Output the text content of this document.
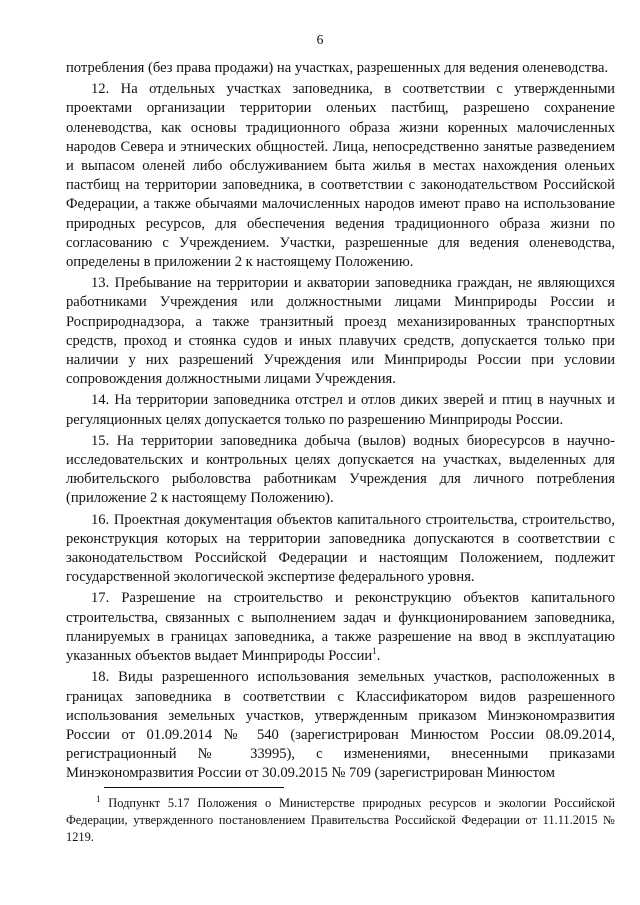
6

потребления (без права продажи) на участках, разрешенных для ведения оленеводства.

12. На отдельных участках заповедника, в соответствии с утвержденными проектами организации территории оленьих пастбищ, разрешено сохранение оленеводства, как основы традиционного образа жизни коренных малочисленных народов Севера и этнических общностей. Лица, непосредственно занятые разведением и выпасом оленей либо обслуживанием быта жилья в местах нахождения оленьих пастбищ на территории заповедника, в соответствии с законодательством Российской Федерации, а также обычаями малочисленных народов имеют право на использование природных ресурсов, для обеспечения ведения традиционного образа жизни по согласованию с Учреждением. Участки, разрешенные для ведения оленеводства, определены в приложении 2 к настоящему Положению.

13. Пребывание на территории и акватории заповедника граждан, не являющихся работниками Учреждения или должностными лицами Минприроды России и Росприроднадзора, а также транзитный проезд механизированных транспортных средств, проход и стоянка судов и иных плавучих средств, допускается только при наличии у них разрешений Учреждения или Минприроды России при условии сопровождения должностными лицами Учреждения.

14. На территории заповедника отстрел и отлов диких зверей и птиц в научных и регуляционных целях допускается только по разрешению Минприроды России.

15. На территории заповедника добыча (вылов) водных биоресурсов в научно-исследовательских и контрольных целях допускается на участках, выделенных для любительского рыболовства работникам Учреждения для личного потребления (приложение 2 к настоящему Положению).

16. Проектная документация объектов капитального строительства, строительство, реконструкция которых на территории заповедника допускаются в соответствии с законодательством Российской Федерации и настоящим Положением, подлежит государственной экологической экспертизе федерального уровня.

17. Разрешение на строительство и реконструкцию объектов капитального строительства, связанных с выполнением задач и функционированием заповедника, планируемых в границах заповедника, а также разрешение на ввод в эксплуатацию указанных объектов выдает Минприроды России$^1$.

18. Виды разрешенного использования земельных участков, расположенных в границах заповедника в соответствии с Классификатором видов разрешенного использования земельных участков, утвержденным приказом Минэкономразвития России от 01.09.2014 № 540 (зарегистрирован Минюстом России 08.09.2014, регистрационный № 33995), с изменениями, внесенными приказами Минэкономразвития России от 30.09.2015 № 709 (зарегистрирован Минюстом

$^1$ Подпункт 5.17 Положения о Министерстве природных ресурсов и экологии Российской Федерации, утвержденного постановлением Правительства Российской Федерации от 11.11.2015 № 1219.
